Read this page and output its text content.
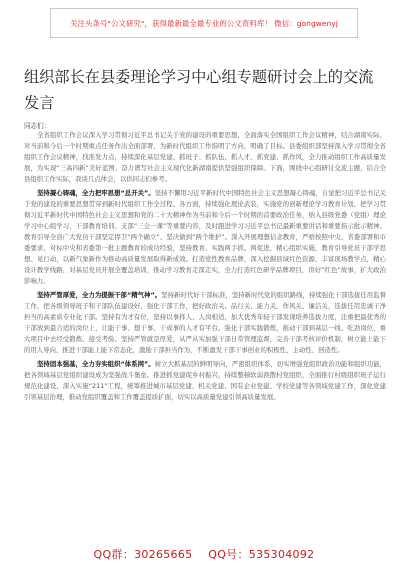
关注头条号"公文研究"，获得最新最全最专业的公文资料库！ 微信：gongwenyj
组织部长在县委理论学习中心组专题研讨会上的交流发言
同志们：

全省组织工作会议深入学习贯彻习近平总书记关于党的建设的重要思想，全面落实全国组织工作会议精神，结合湖南实际，对当前和今后一个时期重点任务作出全面部署，为新时代组织工作指明了方向，明确了目标。县委组织部坚持深入学习贯彻全省组织工作会议精神，找准发力点，持续深化基层党建、抓班子、抓队伍、抓人才、抓党建、抓作风，全力推动组织工作高质量发展，为实现“三高四新”美好蓝图、奋力谱写社会主义现代化新湖南提供坚强组织保障。下面，围绕中心组研讨交流主题，结合全县组织工作实际，我谈几点体会，以供同志们参考。

坚持凝心铸魂，全力把牢思想“总开关”。坚持不懈用习近平新时代中国特色社会主义思想凝心铸魂，自觉把习近平总书记关于党的建设的重要思想贯穿到新时代组织工作全过程、各方面，持续强化理论武装，实施党的创新理论学习教育计划，把学习贯彻习近平新时代中国特色社会主义思想和党的二十大精神作为当前和今后一个时期的首要政治任务，纳入县级党委（党组）理论学习中心组学习、干部教育培训、支部“三会一课”等重要内容，及时跟进学习习近平总书记最新重要讲话和重要指示批示精神。教育引导全县广大党员干部坚定捍卫“两个确立”、坚决做到“两个维护”。深入开展理想信念教育，严格按照中央、省委部署和市委要求，对标中央和省委第一批主题教育的成功经验，坚持教育、实践两手抓、两促进，精心组织实施，教育引导党员干部学思想、见行动，以新气象新作为推动高质量发展取得新成效。打造党性教育品牌，深入挖掘县域红色资源，丰富现场教学点，精心设计教学线路，对基层党员开展全覆盖培训，推动学习教育走深走实，全力打造红色研学品牌项目，讲好“红色”故事，扩大政治影响力。

坚持严管厚爱，全力为提振干部“精气神”。坚持新时代好干部标准，坚持新时代党的组织路线，持续强化干部选拔任用监督工作，把各级领导班子和干部队伍建设好，强化干部工作，把好政治关、品行关、能力关、作风关、廉洁关，选拔任用忠诚干净担当的高素质专业化干部。坚持有为才有位，坚持以事择人、人岗相适，加大优秀年轻干部发现培养选拔力度，注重把最优秀的干部放到最合适的岗位上，让能干事、想干事、干成事的人才有平台。强化干部实践锻炼，推动干部到基层一线、吃劲岗位、重大项目中去经受锻炼、接受考验。坚持严管就是厚爱，从严从实加强干部日常管理监督，完善干部考核评价机制，树立能上能下的用人导向，推进干部能上能下常态化，激励干部担当作为，不断激发干部干事创业的积极性、主动性、创造性。

坚持固本强基，全力夯实组织“体系网”。树立大抓基层的鲜明导向，严密组织体系，切实增强党组织政治功能和组织功能，把各领域基层党组织建设成为坚强战斗堡垒。推进抓党建促乡村振兴，持续整顿软弱涣散村党组织，全面推行村级组织班子运行规范化建设，深入实施“211”工程，统筹推进城市基层党建、机关党建、国有企业党建、学校党建等各领域党建工作，深化党建引领基层治理，推动党组织覆盖和工作覆盖提质扩面，切实以高质量党建引领高质量发展。

QQ群：30265665 QQ号：535304092
